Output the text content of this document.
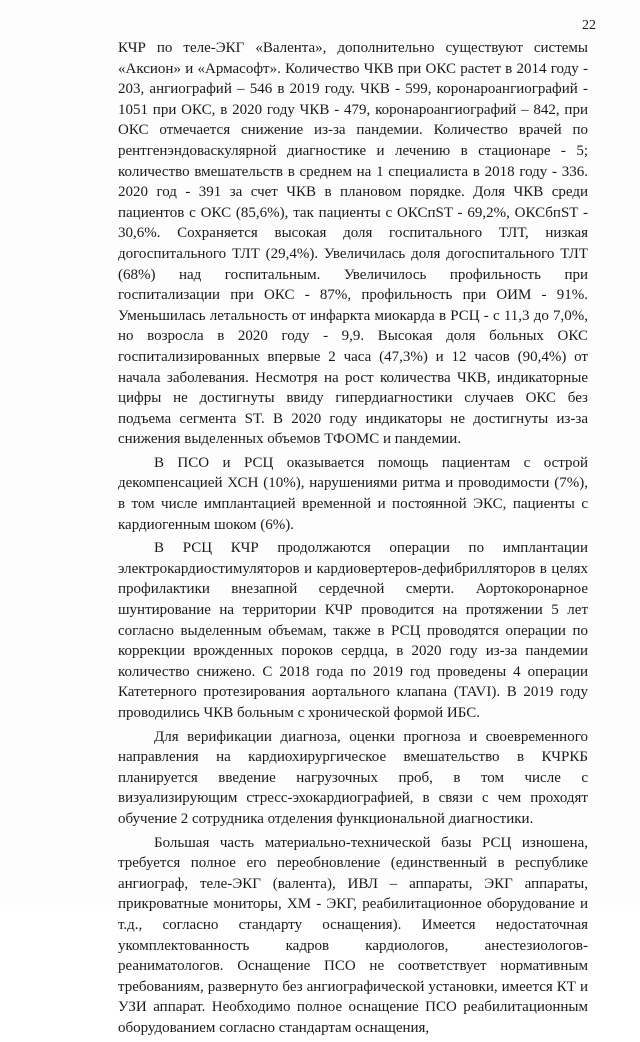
22

КЧР по теле-ЭКГ «Валента», дополнительно существуют системы «Аксион» и «Армасофт». Количество ЧКВ при ОКС растет в 2014 году - 203, ангиографий – 546 в 2019 году. ЧКВ - 599, коронароангиографий - 1051 при ОКС, в 2020 году ЧКВ - 479, коронароангиографий – 842, при ОКС отмечается снижение из-за пандемии. Количество врачей по рентгенэндоваскулярной диагностике и лечению в стационаре - 5; количество вмешательств в среднем на 1 специалиста в 2018 году - 336. 2020 год - 391 за счет ЧКВ в плановом порядке. Доля ЧКВ среди пациентов с ОКС (85,6%), так пациенты с ОКСпST - 69,2%, ОКСбпST - 30,6%. Сохраняется высокая доля госпитального ТЛТ, низкая догоспитального ТЛТ (29,4%). Увеличилась доля догоспитального ТЛТ (68%) над госпитальным. Увеличилось профильность при госпитализации при ОКС - 87%, профильность при ОИМ - 91%. Уменьшилась летальность от инфаркта миокарда в РСЦ - с 11,3 до 7,0%, но возросла в 2020 году - 9,9. Высокая доля больных ОКС госпитализированных впервые 2 часа (47,3%) и 12 часов (90,4%) от начала заболевания. Несмотря на рост количества ЧКВ, индикаторные цифры не достигнуты ввиду гипердиагностики случаев ОКС без подъема сегмента ST. В 2020 году индикаторы не достигнуты из-за снижения выделенных объемов ТФОМС и пандемии.

В ПСО и РСЦ оказывается помощь пациентам с острой декомпенсацией ХСН (10%), нарушениями ритма и проводимости (7%), в том числе имплантацией временной и постоянной ЭКС, пациенты с кардиогенным шоком (6%).

В РСЦ КЧР продолжаются операции по имплантации электрокардиостимуляторов и кардиовертеров-дефибрилляторов в целях профилактики внезапной сердечной смерти. Аортокоронарное шунтирование на территории КЧР проводится на протяжении 5 лет согласно выделенным объемам, также в РСЦ проводятся операции по коррекции врожденных пороков сердца, в 2020 году из-за пандемии количество снижено. С 2018 года по 2019 год проведены 4 операции Катетерного протезирования аортального клапана (TAVI). В 2019 году проводились ЧКВ больным с хронической формой ИБС.

Для верификации диагноза, оценки прогноза и своевременного направления на кардиохирургическое вмешательство в КЧРКБ планируется введение нагрузочных проб, в том числе с визуализирующим стресс-эхокардиографией, в связи с чем проходят обучение 2 сотрудника отделения функциональной диагностики.

Большая часть материально-технической базы РСЦ изношена, требуется полное его переобновление (единственный в республике ангиограф, теле-ЭКГ (валента), ИВЛ – аппараты, ЭКГ аппараты, прикроватные мониторы, ХМ - ЭКГ, реабилитационное оборудование и т.д., согласно стандарту оснащения). Имеется недостаточная укомплектованность кадров кардиологов, анестезиологов- реаниматологов. Оснащение ПСО не соответствует нормативным требованиям, развернуто без ангиографической установки, имеется КТ и УЗИ аппарат. Необходимо полное оснащение ПСО реабилитационным оборудованием согласно стандартам оснащения,
